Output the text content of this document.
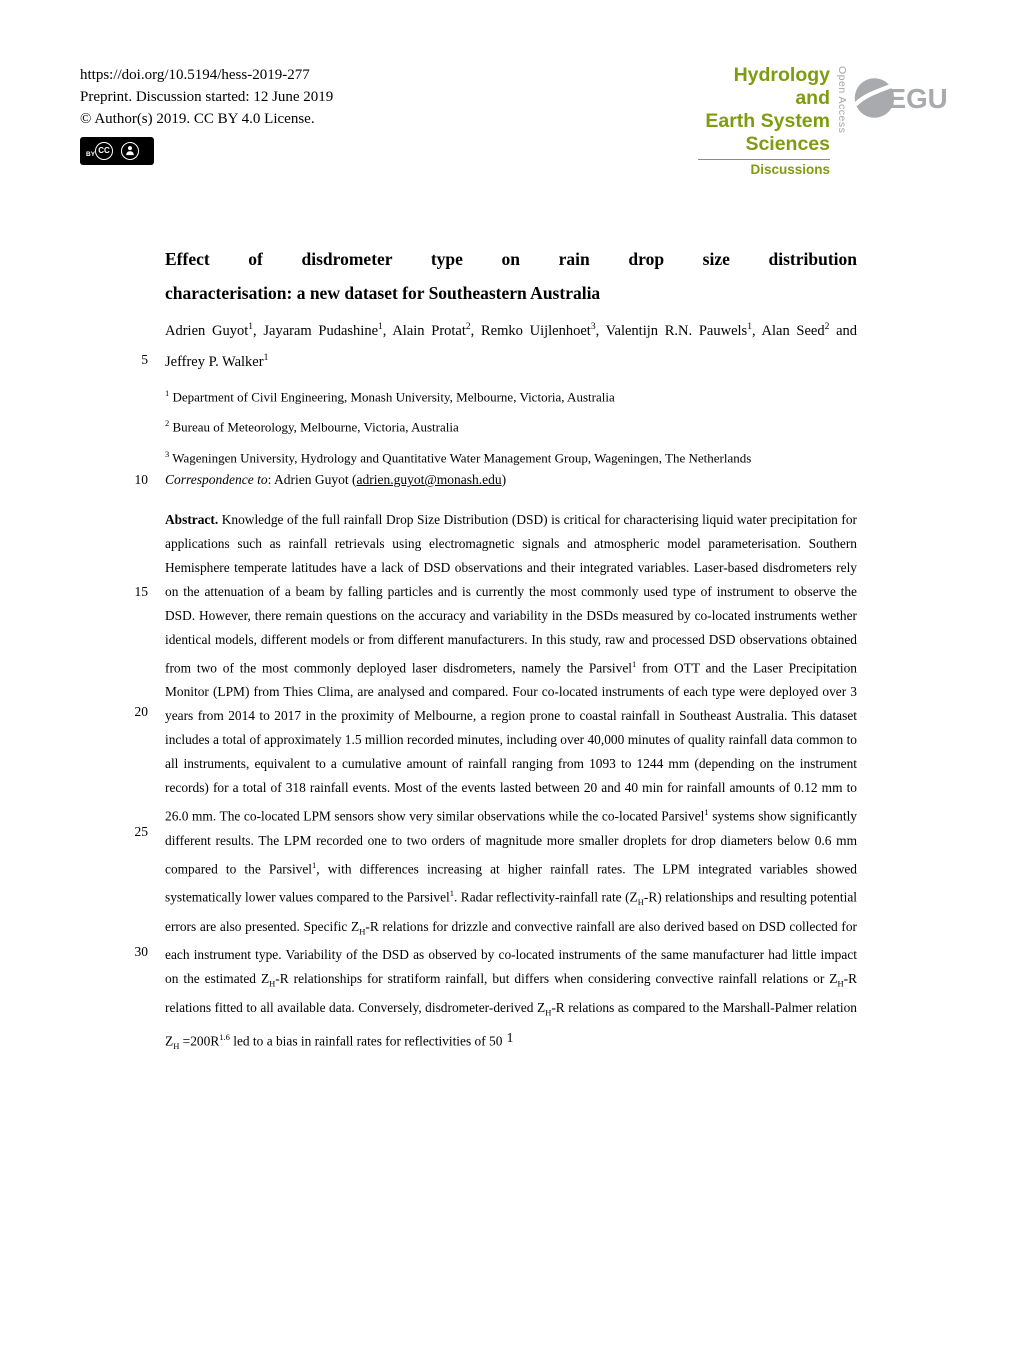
https://doi.org/10.5194/hess-2019-277
Preprint. Discussion started: 12 June 2019
© Author(s) 2019. CC BY 4.0 License.
CC
BY
Hydrology and
Earth System
Sciences
Discussions
Open Access EGU
Effect of disdrometer type on rain drop size distribution
characterisation: a new dataset for Southeastern Australia

Adrien Guyot$^1$, Jayaram Pudashine$^1$, Alain Protat$^2$, Remko Uijlenhoet$^3$, Valentijn R.N. Pauwels$^1$, Alan Seed$^2$ and Jeffrey P. Walker$^1$

$^1$ Department of Civil Engineering, Monash University, Melbourne, Victoria, Australia
$^2$ Bureau of Meteorology, Melbourne, Victoria, Australia
$^3$ Wageningen University, Hydrology and Quantitative Water Management Group, Wageningen, The Netherlands

Correspondence to: Adrien Guyot (adrien.guyot@monash.edu)

Abstract. Knowledge of the full rainfall Drop Size Distribution (DSD) is critical for characterising liquid water precipitation for applications such as rainfall retrievals using electromagnetic signals and atmospheric model parameterisation. Southern Hemisphere temperate latitudes have a lack of DSD observations and their integrated variables. Laser-based disdrometers rely on the attenuation of a beam by falling particles and is currently the most commonly used type of instrument to observe the DSD. However, there remain questions on the accuracy and variability in the DSDs measured by co-located instruments wether identical models, different models or from different manufacturers. In this study, raw and processed DSD observations obtained from two of the most commonly deployed laser disdrometers, namely the Parsivel$^1$ from OTT and the Laser Precipitation Monitor (LPM) from Thies Clima, are analysed and compared. Four co-located instruments of each type were deployed over 3 years from 2014 to 2017 in the proximity of Melbourne, a region prone to coastal rainfall in Southeast Australia. This dataset includes a total of approximately 1.5 million recorded minutes, including over 40,000 minutes of quality rainfall data common to all instruments, equivalent to a cumulative amount of rainfall ranging from 1093 to 1244 mm (depending on the instrument records) for a total of 318 rainfall events. Most of the events lasted between 20 and 40 min for rainfall amounts of 0.12 mm to 26.0 mm. The co-located LPM sensors show very similar observations while the co-located Parsivel$^1$ systems show significantly different results. The LPM recorded one to two orders of magnitude more smaller droplets for drop diameters below 0.6 mm compared to the Parsivel$^1$, with differences increasing at higher rainfall rates. The LPM integrated variables showed systematically lower values compared to the Parsivel$^1$. Radar reflectivity-rainfall rate $(Z_H-R)$ relationships and resulting potential errors are also presented. Specific $Z_H-R$ relations for drizzle and convective rainfall are also derived based on DSD collected for each instrument type. Variability of the DSD as observed by co-located instruments of the same manufacturer had little impact on the estimated $Z_H-R$ relationships for stratiform rainfall, but differs when considering convective rainfall relations or $Z_H-R$ relations fitted to all available data. Conversely, disdrometer-derived $Z_H-R$ relations as compared to the Marshall-Palmer relation $Z_H =200R^{1.6}$ led to a bias in rainfall rates for reflectivities of 50

5
10
15
20
25
30
1
